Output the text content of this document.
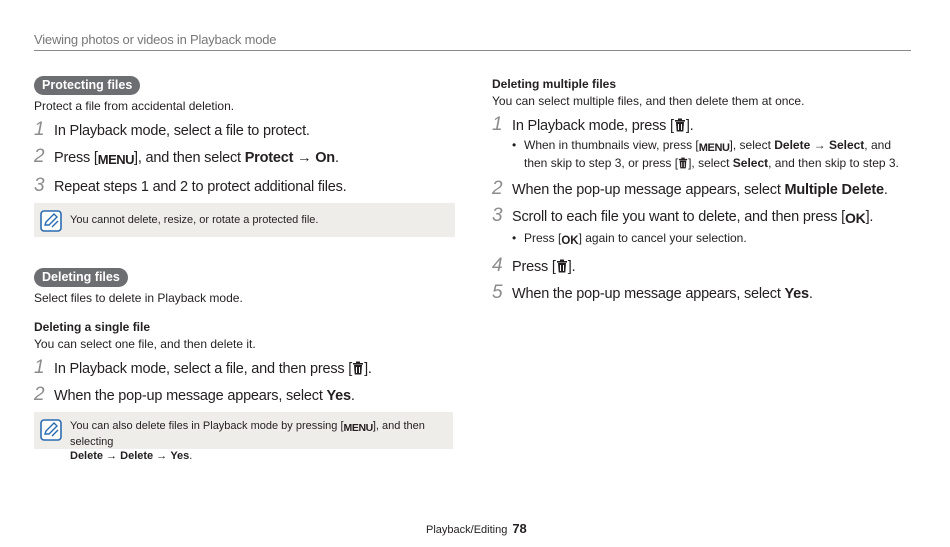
Viewing photos or videos in Playback mode
Protecting files
Protect a file from accidental deletion.
1 In Playback mode, select a file to protect.
2 Press [MENU], and then select Protect → On.
3 Repeat steps 1 and 2 to protect additional files.
You cannot delete, resize, or rotate a protected file.
Deleting files
Select files to delete in Playback mode.
Deleting a single file
You can select one file, and then delete it.
1 In Playback mode, select a file, and then press [ ].
2 When the pop-up message appears, select Yes.
You can also delete files in Playback mode by pressing [MENU], and then selecting
Delete → Delete → Yes.
Deleting multiple files
You can select multiple files, and then delete them at once.
1 In Playback mode, press [ ].
• When in thumbnails view, press [MENU], select Delete → Select, and then skip to step 3, or press [ ], select Select, and then skip to step 3.
2 When the pop-up message appears, select Multiple Delete.
3 Scroll to each file you want to delete, and then press [OK].
• Press [OK] again to cancel your selection.
4 Press [ ].
5 When the pop-up message appears, select Yes.
Playback/Editing 78
